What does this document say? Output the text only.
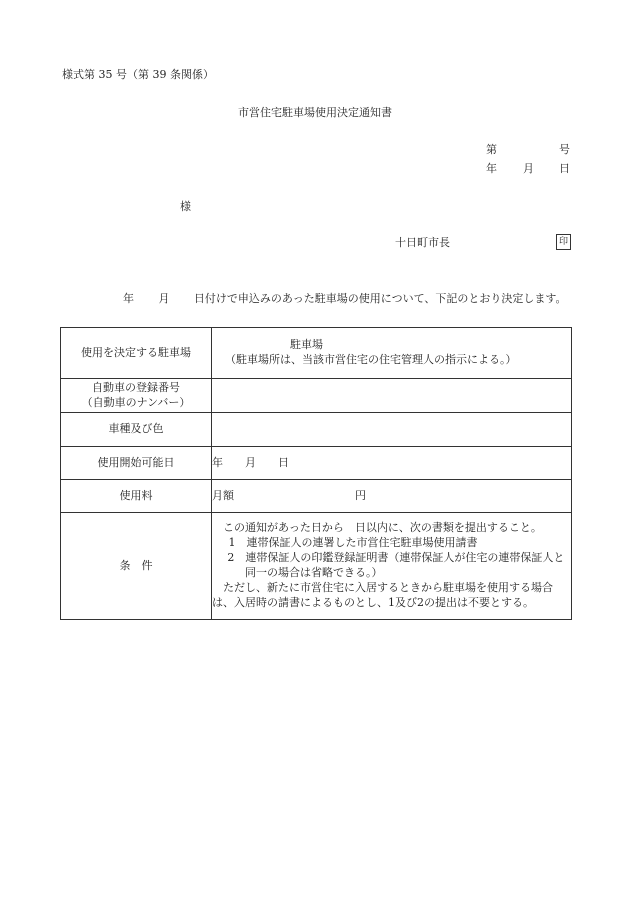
様式第 35 号（第 39 条関係）
市営住宅駐車場使用決定通知書
第	号
年 月 日
様
十日町市長	印
年 月 日付けで申込みのあった駐車場の使用について、下記のとおり決定します。
使用を決定する駐車場	駐車場
（駐車場所は、当該市営住宅の住宅管理人の指示による。）

自動車の登録番号
（自動車のナンバー）	

車種及び色	
使用開始可能日	年　　月　　日
使用料	月額　　　　　　　　　　　円
条　件	この通知があった日から　日以内に、次の書類を提出すること。
1　連帯保証人の連署した市営住宅駐車場使用請書
2　連帯保証人の印鑑登録証明書（連帯保証人が住宅の連帯保証人と同一の場合は省略できる。）
ただし、新たに市営住宅に入居するときから駐車場を使用する場合は、入居時の請書によるものとし、1及び2の提出は不要とする。
